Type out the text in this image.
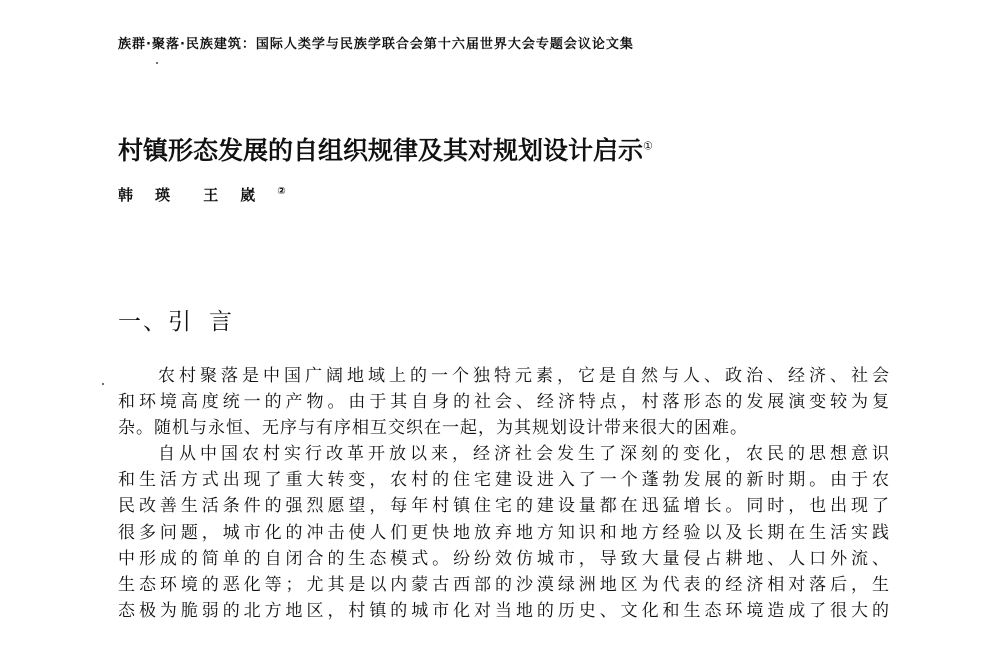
族群·聚落·民族建筑：国际人类学与民族学联合会第十六届世界大会专题会议论文集
村镇形态发展的自组织规律及其对规划设计启示①
韩瑛 王崴②
一、引言
农村聚落是中国广阔地域上的一个独特元素，它是自然与人、政治、经济、社会
和环境高度统一的产物。由于其自身的社会、经济特点，村落形态的发展演变较为复
杂。随机与永恒、无序与有序相互交织在一起，为其规划设计带来很大的困难。
自从中国农村实行改革开放以来，经济社会发生了深刻的变化，农民的思想意识
和生活方式出现了重大转变，农村的住宅建设进入了一个蓬勃发展的新时期。由于农
民改善生活条件的强烈愿望，每年村镇住宅的建设量都在迅猛增长。同时，也出现了
很多问题，城市化的冲击使人们更快地放弃地方知识和地方经验以及长期在生活实践
中形成的简单的自闭合的生态模式。纷纷效仿城市，导致大量侵占耕地、人口外流、
生态环境的恶化等；尤其是以内蒙古西部的沙漠绿洲地区为代表的经济相对落后，生
态极为脆弱的北方地区，村镇的城市化对当地的历史、文化和生态环境造成了很大的
